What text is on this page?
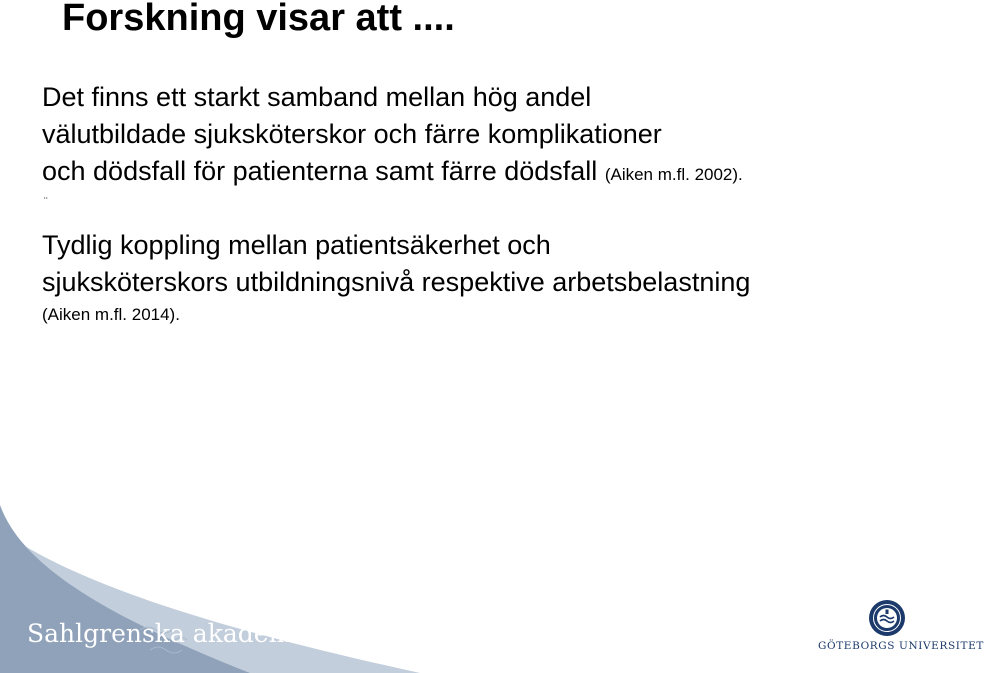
Forskning visar att ....
Det finns ett starkt samband mellan hög andel
välutbildade sjuksköterskor och färre komplikationer
och dödsfall för patienterna samt färre dödsfall (Aiken m.fl. 2002).
¨
Tydlig koppling mellan patientsäkerhet och
sjuksköterskors utbildningsnivå respektive arbetsbelastning
(Aiken m.fl. 2014).
Sahlgrenska akademin	GÖTEBORGS UNIVERSITET
